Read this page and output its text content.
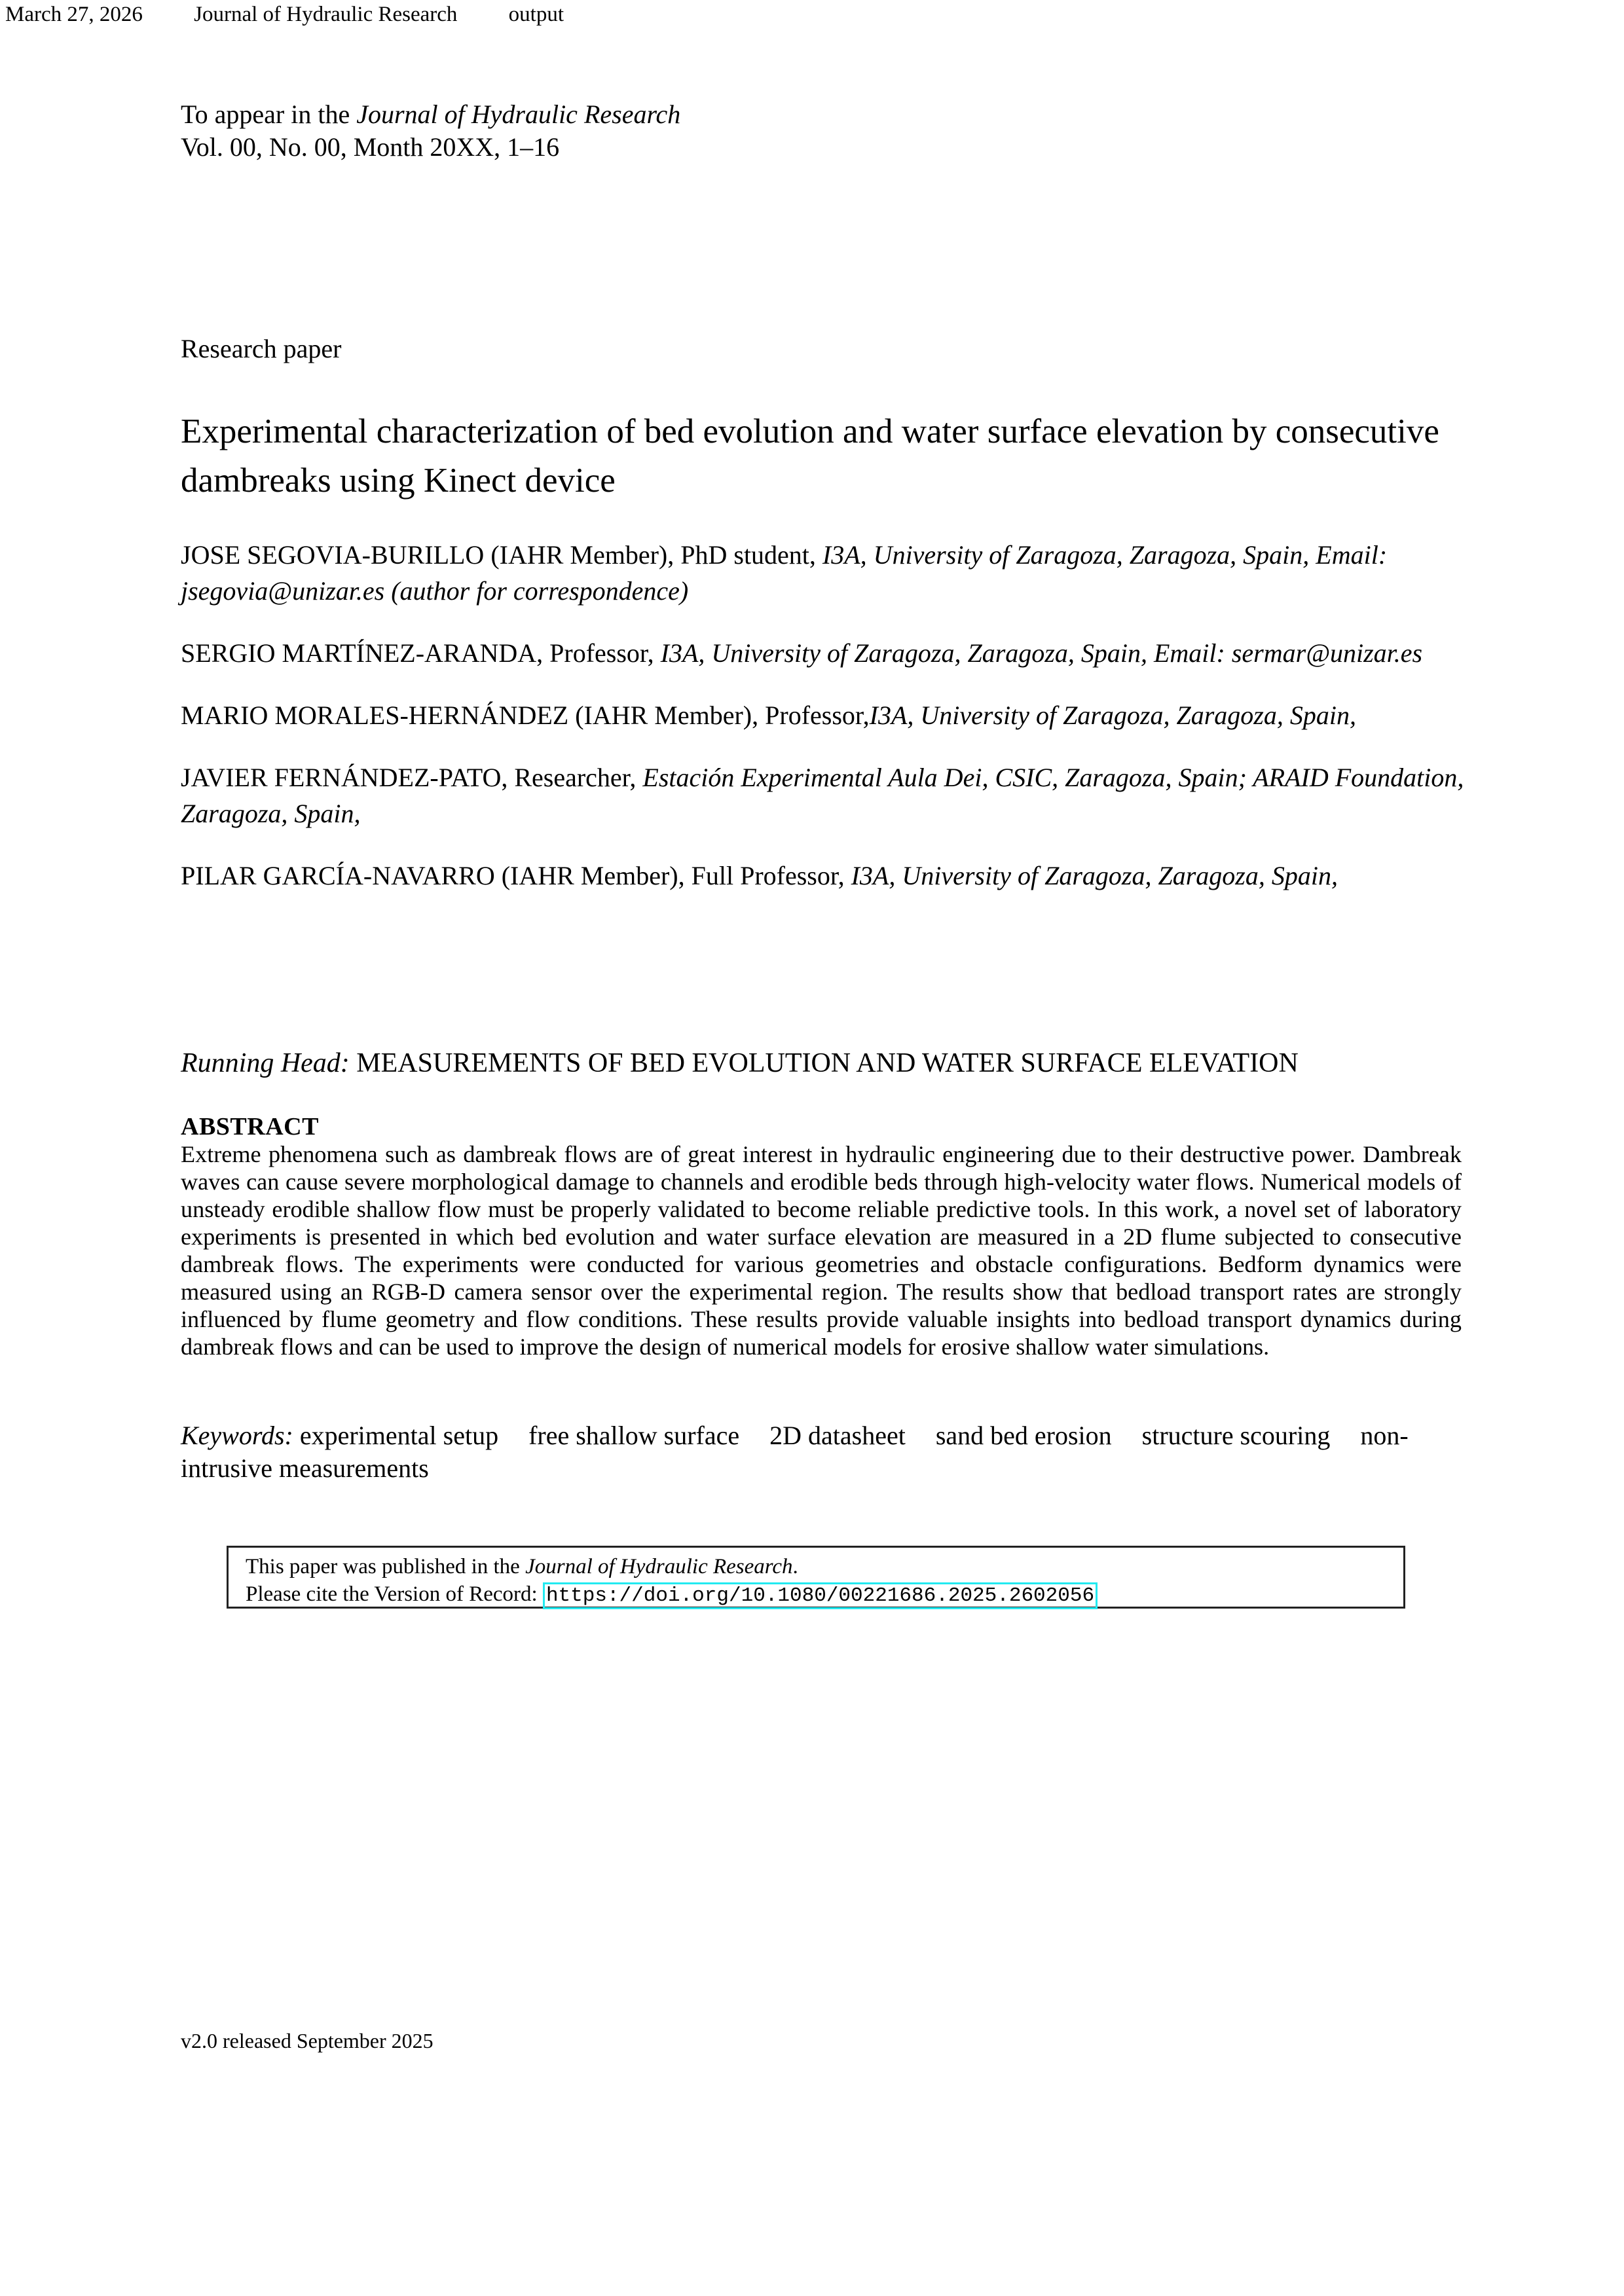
March 27, 2026 Journal of Hydraulic Research output
To appear in the Journal of Hydraulic Research
Vol. 00, No. 00, Month 20XX, 1–16
Research paper
Experimental characterization of bed evolution and water surface elevation by consecutive dambreaks using Kinect device

JOSE SEGOVIA-BURILLO (IAHR Member), PhD student, I3A, University of Zaragoza, Zaragoza, Spain, Email: jsegovia@unizar.es (author for correspondence)

SERGIO MARTÍNEZ-ARANDA, Professor, I3A, University of Zaragoza, Zaragoza, Spain, Email: sermar@unizar.es

MARIO MORALES-HERNÁNDEZ (IAHR Member), Professor,I3A, University of Zaragoza, Zaragoza, Spain,

JAVIER FERNÁNDEZ-PATO, Researcher, Estación Experimental Aula Dei, CSIC, Zaragoza, Spain; ARAID Foundation, Zaragoza, Spain,

PILAR GARCÍA-NAVARRO (IAHR Member), Full Professor, I3A, University of Zaragoza, Zaragoza, Spain,

Running Head: MEASUREMENTS OF BED EVOLUTION AND WATER SURFACE ELEVATION
ABSTRACT

Extreme phenomena such as dambreak flows are of great interest in hydraulic engineering due to their destructive power. Dambreak waves can cause severe morphological damage to channels and erodible beds through high-velocity water flows. Numerical models of unsteady erodible shallow flow must be properly validated to become reliable predictive tools. In this work, a novel set of laboratory experiments is presented in which bed evolution and water surface elevation are measured in a 2D flume subjected to consecutive dambreak flows. The experiments were conducted for various geometries and obstacle configurations. Bedform dynamics were measured using an RGB-D camera sensor over the experimental region. The results show that bedload transport rates are strongly influenced by flume geometry and flow conditions. These results provide valuable insights into bedload transport dynamics during dambreak flows and can be used to improve the design of numerical models for erosive shallow water simulations.

Keywords: experimental setup free shallow surface 2D datasheet sand bed erosion structure scouring non-intrusive measurements
This paper was published in the Journal of Hydraulic Research.
Please cite the Version of Record: https://doi.org/10.1080/00221686.2025.2602056
v2.0 released September 2025
